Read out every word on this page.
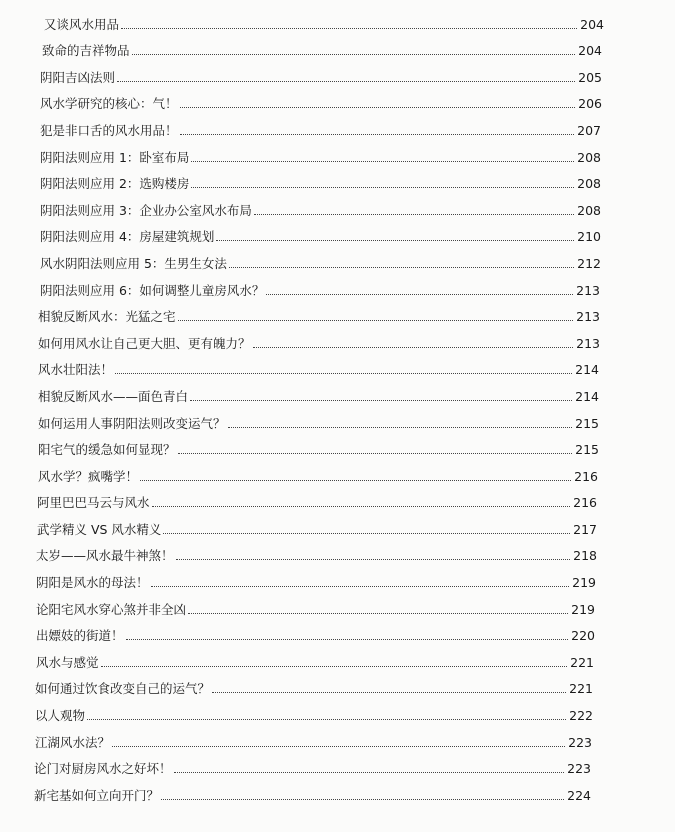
又谈风水用品	204
致命的吉祥物品	204
阴阳吉凶法则	205
风水学研究的核心：气！	206
犯是非口舌的风水用品！	207
阴阳法则应用 1：卧室布局	208
阴阳法则应用 2：选购楼房	208
阴阳法则应用 3：企业办公室风水布局	208
阴阳法则应用 4：房屋建筑规划	210
风水阴阳法则应用 5：生男生女法	212
阴阳法则应用 6：如何调整儿童房风水？	213
相貌反断风水：光猛之宅	213
如何用风水让自己更大胆、更有魄力？	213
风水壮阳法！	214
相貌反断风水——面色青白	214
如何运用人事阴阳法则改变运气？	215
阳宅气的缓急如何显现？	215
风水学？疯嘴学！	216
阿里巴巴马云与风水	216
武学精义 VS 风水精义	217
太岁——风水最牛神煞！	218
阴阳是风水的母法！	219
论阳宅风水穿心煞并非全凶	219
出嫖妓的街道！	220
风水与感觉	221
如何通过饮食改变自己的运气？	221
以人观物	222
江湖风水法？	223
论门对厨房风水之好坏！	223
新宅基如何立向开门？	224
